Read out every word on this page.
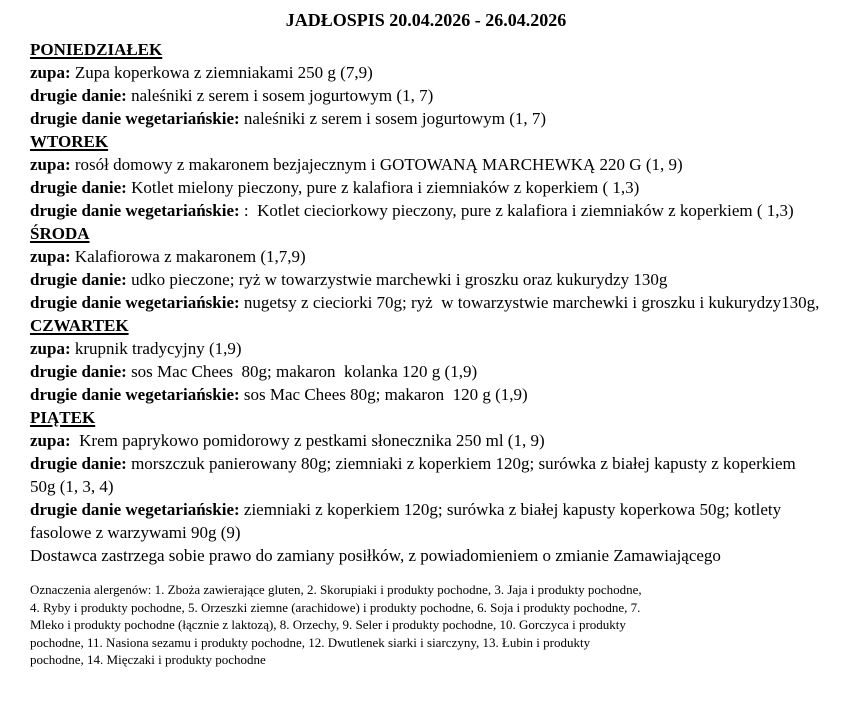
JADŁOSPIS 20.04.2026 - 26.04.2026
PONIEDZIAŁEK

zupa: Zupa koperkowa z ziemniakami 250 g (7,9)

drugie danie: naleśniki z serem i sosem jogurtowym (1, 7)

drugie danie wegetariańskie: naleśniki z serem i sosem jogurtowym (1, 7)

WTOREK

zupa: rosół domowy z makaronem bezjajecznym i GOTOWANĄ MARCHEWKĄ 220 G (1, 9)

drugie danie: Kotlet mielony pieczony, pure z kalafiora i ziemniaków z koperkiem ( 1,3)

drugie danie wegetariańskie: :  Kotlet cieciorkowy pieczony, pure z kalafiora i ziemniaków z koperkiem ( 1,3)

ŚRODA

zupa: Kalafiorowa z makaronem (1,7,9)

drugie danie: udko pieczone; ryż w towarzystwie marchewki i groszku oraz kukurydzy 130g

drugie danie wegetariańskie: nugetsy z cieciorki 70g; ryż  w towarzystwie marchewki i groszku i kukurydzy130g,

CZWARTEK

zupa: krupnik tradycyjny (1,9)

drugie danie: sos Mac Chees  80g; makaron  kolanka 120 g (1,9)

drugie danie wegetariańskie: sos Mac Chees 80g; makaron  120 g (1,9)

PIĄTEK

zupa:  Krem paprykowo pomidorowy z pestkami słonecznika 250 ml (1, 9)

drugie danie: morszczuk panierowany 80g; ziemniaki z koperkiem 120g; surówka z białej kapusty z koperkiem 50g (1, 3, 4)

drugie danie wegetariańskie: ziemniaki z koperkiem 120g; surówka z białej kapusty koperkowa 50g; kotlety fasolowe z warzywami 90g (9)

Dostawca zastrzega sobie prawo do zamiany posiłków, z powiadomieniem o zmianie Zamawiającego

Oznaczenia alergenów: 1. Zboża zawierające gluten, 2. Skorupiaki i produkty pochodne, 3. Jaja i produkty pochodne,
4. Ryby i produkty pochodne, 5. Orzeszki ziemne (arachidowe) i produkty pochodne, 6. Soja i produkty pochodne, 7.
Mleko i produkty pochodne (łącznie z laktozą), 8. Orzechy, 9. Seler i produkty pochodne, 10. Gorczyca i produkty
pochodne, 11. Nasiona sezamu i produkty pochodne, 12. Dwutlenek siarki i siarczyny, 13. Łubin i produkty
pochodne, 14. Mięczaki i produkty pochodne
